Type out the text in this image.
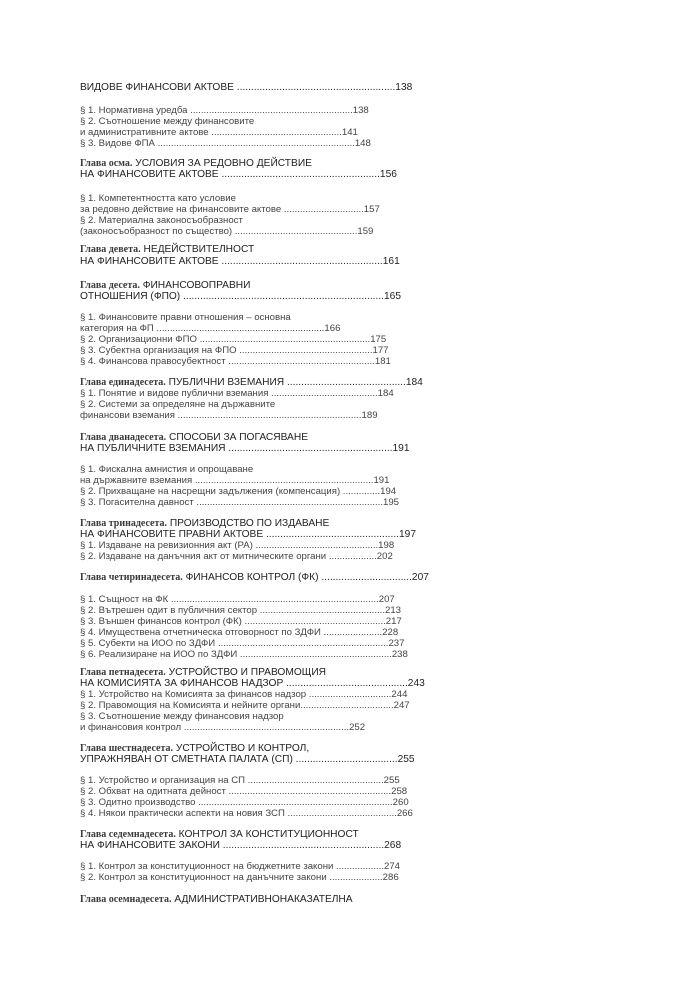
ВИДОВЕ ФИНАНСОВИ АКТОВЕ ........................................................138
§ 1. Нормативна уредба .............................................................138
§ 2. Съотношение между финансовите
и административните актове .................................................141
§ 3. Видове ФПА ..........................................................................148
Глава осма. УСЛОВИЯ ЗА РЕДОВНО ДЕЙСТВИЕ
НА ФИНАНСОВИТЕ АКТОВЕ ........................................................156
§ 1. Компетентността като условие
за редовно действие на финансовите актове ..............................157
§ 2. Материална законосъобразност
(законосъобразност по същество) ..............................................159
Глава девета. НЕДЕЙСТВИТЕЛНОСТ
НА ФИНАНСОВИТЕ АКТОВЕ .........................................................161
Глава десета. ФИНАНСОВОПРАВНИ
ОТНОШЕНИЯ (ФПО) .......................................................................165
§ 1. Финансовите правни отношения – основна
категория на ФП ...............................................................166
§ 2. Организационни ФПО ................................................................175
§ 3. Субектна организация на ФПО ..................................................177
§ 4. Финансова правосубектност .......................................................181
Глава единадесета. ПУБЛИЧНИ ВЗЕМАНИЯ ..........................................184
§ 1. Понятие и видове публични вземания ........................................184
§ 2. Системи за определяне на държавните
финансови вземания .....................................................................189
Глава дванадесета. СПОСОБИ ЗА ПОГАСЯВАНЕ
НА ПУБЛИЧНИТЕ ВЗЕМАНИЯ ..........................................................191
§ 1. Фискална амнистия и опрощаване
на държавните вземания ...................................................................191
§ 2. Прихващане на насрещни задължения (компенсация) ..............194
§ 3. Погасителна давност ......................................................................195
Глава тринадесета. ПРОИЗВОДСТВО ПО ИЗДАВАНЕ
НА ФИНАНСОВИТЕ ПРАВНИ АКТОВЕ ...............................................197
§ 1. Издаване на ревизионния акт (РА) ..............................................198
§ 2. Издаване на данъчния акт от митническите органи ..................202
Глава четиринадесета. ФИНАНСОВ КОНТРОЛ (ФК) ................................207
§ 1. Същност на ФК ..............................................................................207
§ 2. Вътрешен одит в публичния сектор ...............................................213
§ 3. Външен финансов контрол (ФК) .....................................................217
§ 4. Имуществена отчетническа отговорност по ЗДФИ ......................228
§ 5. Субекти на ИОО по ЗДФИ ................................................................237
§ 6. Реализиране на ИОО по ЗДФИ .........................................................238
Глава петнадесета. УСТРОЙСТВО И ПРАВОМОЩИЯ
НА КОМИСИЯТА ЗА ФИНАНСОВ НАДЗОР ...........................................243
§ 1. Устройство на Комисията за финансов надзор ...............................244
§ 2. Правомощия на Комисията и нейните органи...................................247
§ 3. Съотношение между финансовия надзор
и финансовия контрол ..............................................................252
Глава шестнадесета. УСТРОЙСТВО И КОНТРОЛ,
УПРАЖНЯВАН ОТ СМЕТНАТА ПАЛАТА (СП) ....................................255
§ 1. Устройство и организация на СП ...................................................255
§ 2. Обхват на одитната дейност .............................................................258
§ 3. Одитно производство .........................................................................260
§ 4. Някои практически аспекти на новия ЗСП .........................................266
Глава седемнадесета. КОНТРОЛ ЗА КОНСТИТУЦИОННОСТ
НА ФИНАНСОВИТЕ ЗАКОНИ .........................................................268
§ 1. Контрол за конституционност на бюджетните закони ..................274
§ 2. Контрол за конституционност на данъчните закони ....................286
Глава осемнадесета. АДМИНИСТРАТИВНОНАКАЗАТЕЛНА
